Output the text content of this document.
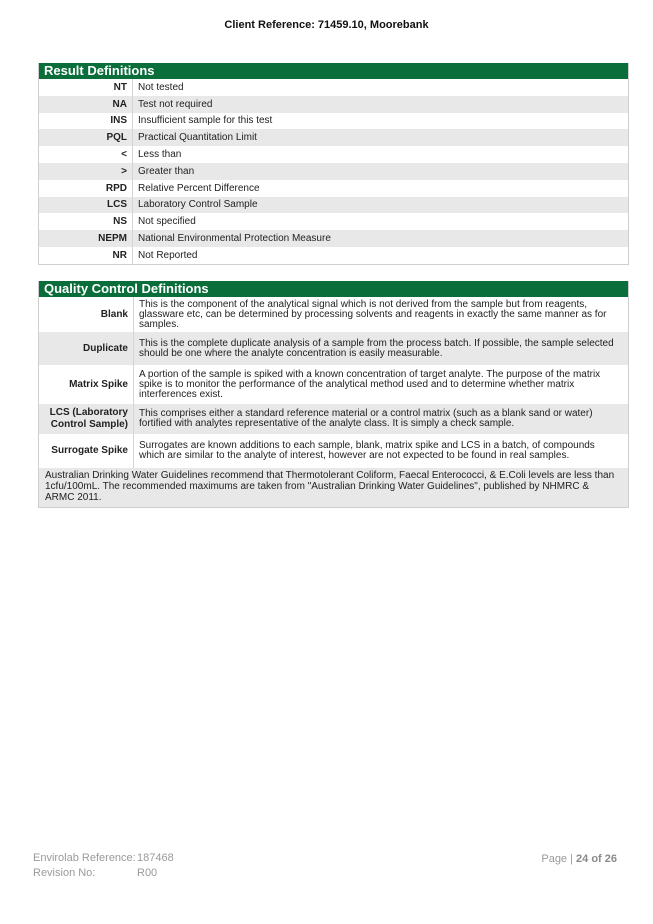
Client Reference: 71459.10, Moorebank
Result Definitions
NT	Not tested
NA	Test not required
INS	Insufficient sample for this test
PQL	Practical Quantitation Limit
<	Less than
>	Greater than
RPD	Relative Percent Difference
LCS	Laboratory Control Sample
NS	Not specified
NEPM	National Environmental Protection Measure
NR	Not Reported
Quality Control Definitions
Blank	This is the component of the analytical signal which is not derived from the sample but from reagents, glassware etc, can be determined by processing solvents and reagents in exactly the same manner as for samples.
Duplicate	This is the complete duplicate analysis of a sample from the process batch. If possible, the sample selected should be one where the analyte concentration is easily measurable.
Matrix Spike	A portion of the sample is spiked with a known concentration of target analyte. The purpose of the matrix spike is to monitor the performance of the analytical method used and to determine whether matrix interferences exist.
LCS (Laboratory Control Sample)	This comprises either a standard reference material or a control matrix (such as a blank sand or water) fortified with analytes representative of the analyte class. It is simply a check sample.
Surrogate Spike	Surrogates are known additions to each sample, blank, matrix spike and LCS in a batch, of compounds which are similar to the analyte of interest, however are not expected to be found in real samples.
Australian Drinking Water Guidelines recommend that Thermotolerant Coliform, Faecal Enterococci, & E.Coli levels are less than 1cfu/100mL. The recommended maximums are taken from "Australian Drinking Water Guidelines", published by NHMRC & ARMC 2011.	
Envirolab Reference: 187468
Revision No:	R00
Page | 24 of 26
